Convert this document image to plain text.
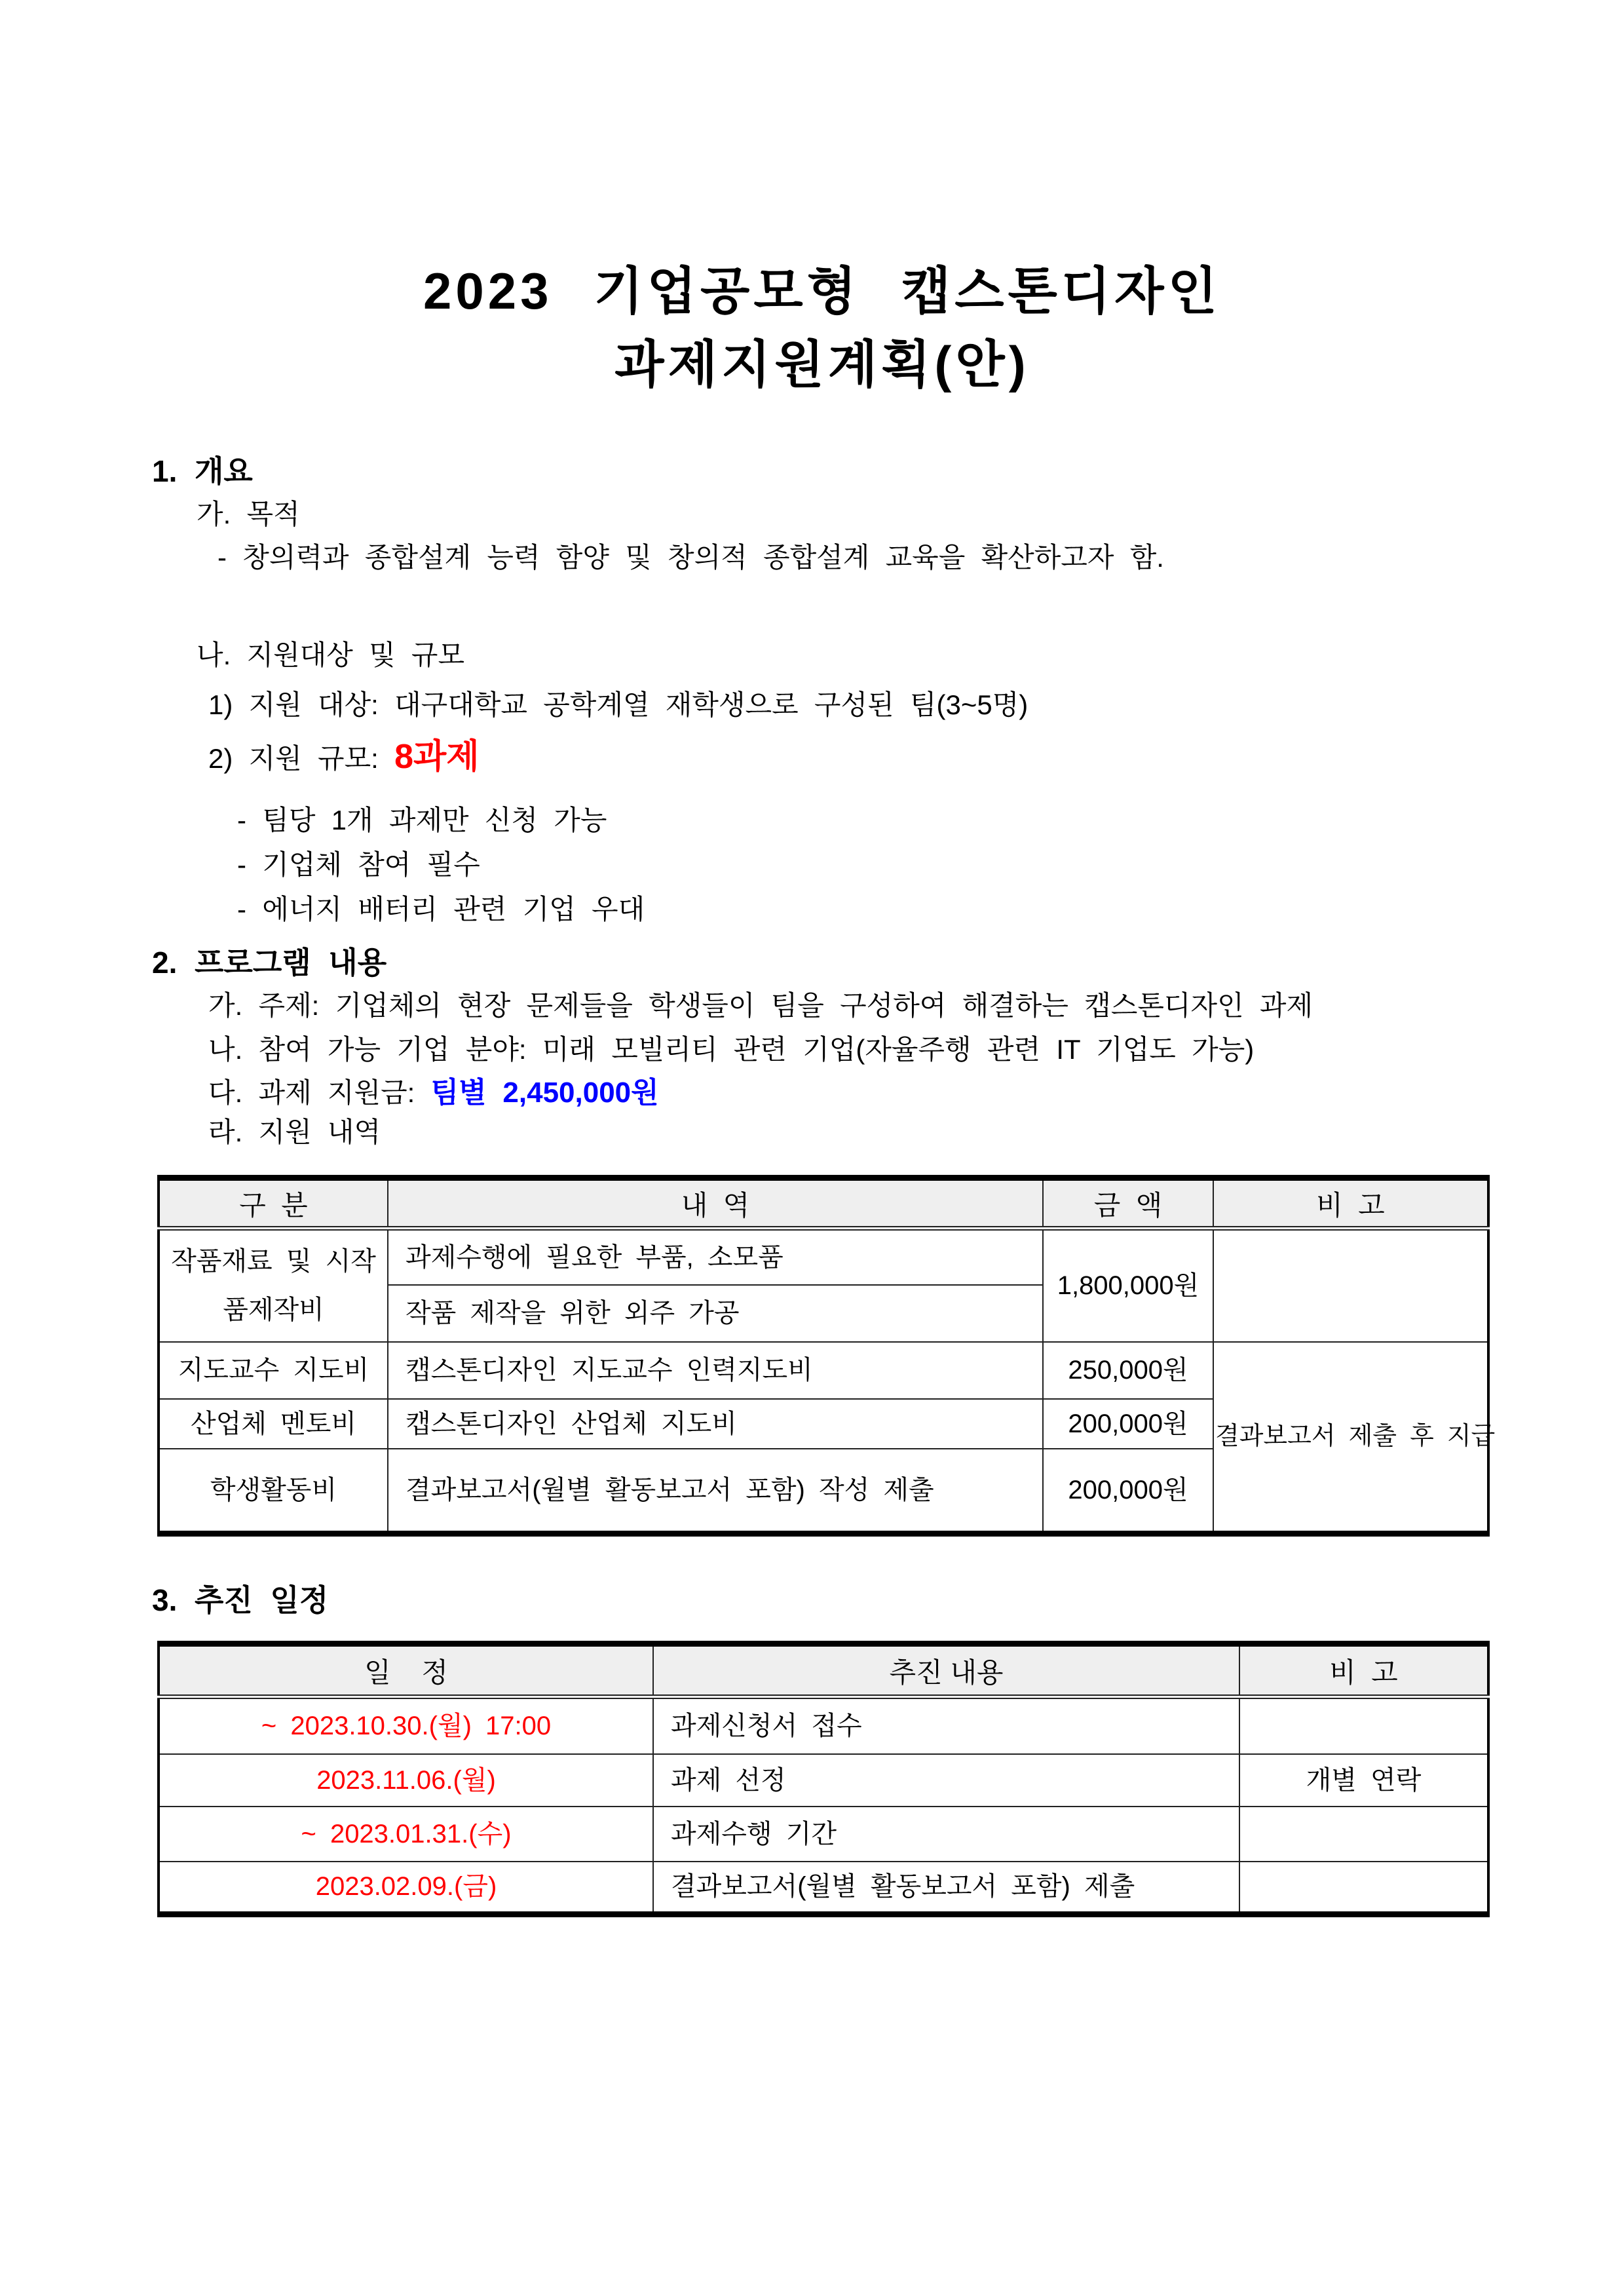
2023 기업공모형 캡스톤디자인
과제지원계획(안)
1. 개요
가. 목적
- 창의력과 종합설계 능력 함양 및 창의적 종합설계 교육을 확산하고자 함.
나. 지원대상 및 규모
1) 지원 대상: 대구대학교 공학계열 재학생으로 구성된 팀(3~5명)
2) 지원 규모: 8과제
- 팀당 1개 과제만 신청 가능
- 기업체 참여 필수
- 에너지 배터리 관련 기업 우대
2. 프로그램 내용
가. 주제: 기업체의 현장 문제들을 학생들이 팀을 구성하여 해결하는 캡스톤디자인 과제
나. 참여 가능 기업 분야: 미래 모빌리티 관련 기업(자율주행 관련 IT 기업도 가능)
다. 과제 지원금: 팀별 2,450,000원
라. 지원 내역
구  분	내  역	금  액	비  고
작품재료 및 시작품제작비	과제수행에 필요한 부품, 소모품	1,800,000원	
	작품 제작을 위한 외주 가공		
지도교수 지도비	캡스톤디자인 지도교수 인력지도비	250,000원	결과보고서 제출 후 지급
산업체 멘토비	캡스톤디자인 산업체 지도비	200,000원	
학생활동비	결과보고서(월별 활동보고서 포함) 작성 제출	200,000원	
3. 추진 일정
일    정	추진 내용	비  고
~ 2023.10.30.(월) 17:00	과제신청서 접수	
2023.11.06.(월)	과제 선정	개별 연락
~ 2023.01.31.(수)	과제수행 기간	
2023.02.09.(금)	결과보고서(월별 활동보고서 포함) 제출	
